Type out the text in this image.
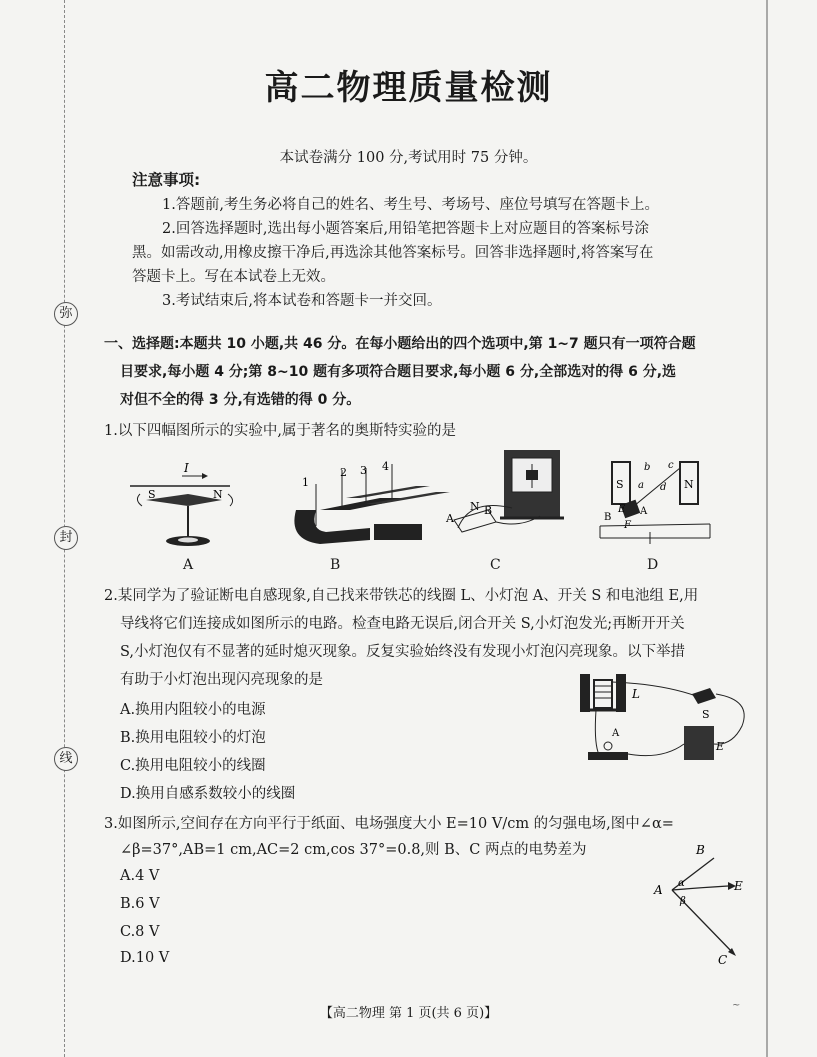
弥
封
线
高二物理质量检测
本试卷满分 100 分,考试用时 75 分钟。
注意事项:
1.答题前,考生务必将自己的姓名、考生号、考场号、座位号填写在答题卡上。
2.回答选择题时,选出每小题答案后,用铅笔把答题卡上对应题目的答案标号涂
黑。如需改动,用橡皮擦干净后,再选涂其他答案标号。回答非选择题时,将答案写在
答题卡上。写在本试卷上无效。
3.考试结束后,将本试卷和答题卡一并交回。
一、选择题:本题共 10 小题,共 46 分。在每小题给出的四个选项中,第 1~7 题只有一项符合题
目要求,每小题 4 分;第 8~10 题有多项符合题目要求,每小题 6 分,全部选对的得 6 分,选
对但不全的得 3 分,有选错的得 0 分。
1.以下四幅图所示的实验中,属于著名的奥斯特实验的是
I
S	N
1
2 3 4
N
A
B
S	N
b c
d
a
E A
B
F
A	B	C	D
2.某同学为了验证断电自感现象,自己找来带铁芯的线圈 L、小灯泡 A、开关 S 和电池组 E,用
导线将它们连接成如图所示的电路。检查电路无误后,闭合开关 S,小灯泡发光;再断开开关
S,小灯泡仅有不显著的延时熄灭现象。反复实验始终没有发现小灯泡闪亮现象。以下举措
有助于小灯泡出现闪亮现象的是
A.换用内阻较小的电源
B.换用电阻较小的灯泡
C.换用电阻较小的线圈
D.换用自感系数较小的线圈
L
S
E
A
3.如图所示,空间存在方向平行于纸面、电场强度大小 E=10 V/cm 的匀强电场,图中∠α=
∠β=37°,AB=1 cm,AC=2 cm,cos 37°=0.8,则 B、C 两点的电势差为
A.4 V
B.6 V
C.8 V
D.10 V
B
E
C
A α
β
【高二物理 第 1 页(共 6 页)】
~
